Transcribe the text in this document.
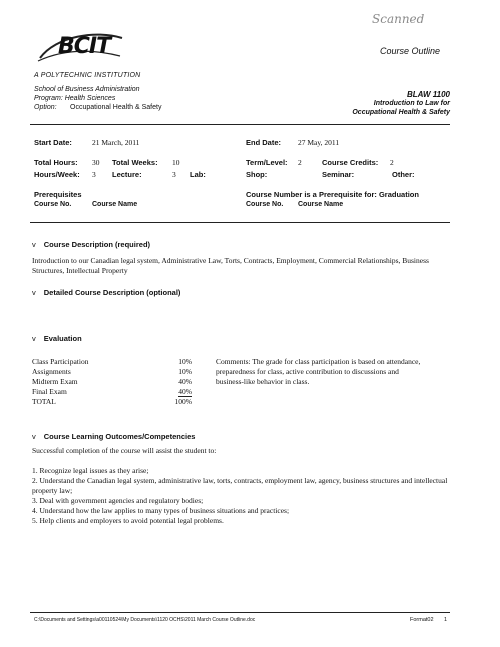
Scanned
BCIT
A POLYTECHNIC INSTITUTION
Course Outline
School of Business Administration
Program: Health Sciences
Option: Occupational Health & Safety
BLAW 1100
Introduction to Law for
Occupational Health & Safety
Start Date:	21 March, 2011	End Date: 27 May, 2011
Total Hours: 30 Total Weeks: 10	Term/Level: 2	Course Credits: 2
Hours/Week: 3 Lecture:	3 Lab:	Shop:	Seminar:	Other:
Prerequisites
Course No.	Course Name
Course Number is a Prerequisite for: Graduation
Course No. Course Name
v Course Description (required)
Introduction to our Canadian legal system, Administrative Law, Torts, Contracts, Employment, Commercial Relationships, Business Structures, Intellectual Property
v Detailed Course Description (optional)
v Evaluation
Class Participation	10%
Assignments	10%
Midterm Exam	40%
Final Exam	40%
TOTAL	100%
Comments: The grade for class participation is based on attendance, preparedness for class, active contribution to discussions and business-like behavior in class.
v Course Learning Outcomes/Competencies
Successful completion of the course will assist the student to:
1. Recognize legal issues as they arise;
2. Understand the Canadian legal system, administrative law, torts, contracts, employment law, agency, business structures and intellectual property law;
3. Deal with government agencies and regulatory bodies;
4. Understand how the law applies to many types of business situations and practices;
5. Help clients and employers to avoid potential legal problems.
C:\Documents and Settings\a00110524\My Documents\1120 OCHS\2011 March Course Outline.doc	Format02 1
